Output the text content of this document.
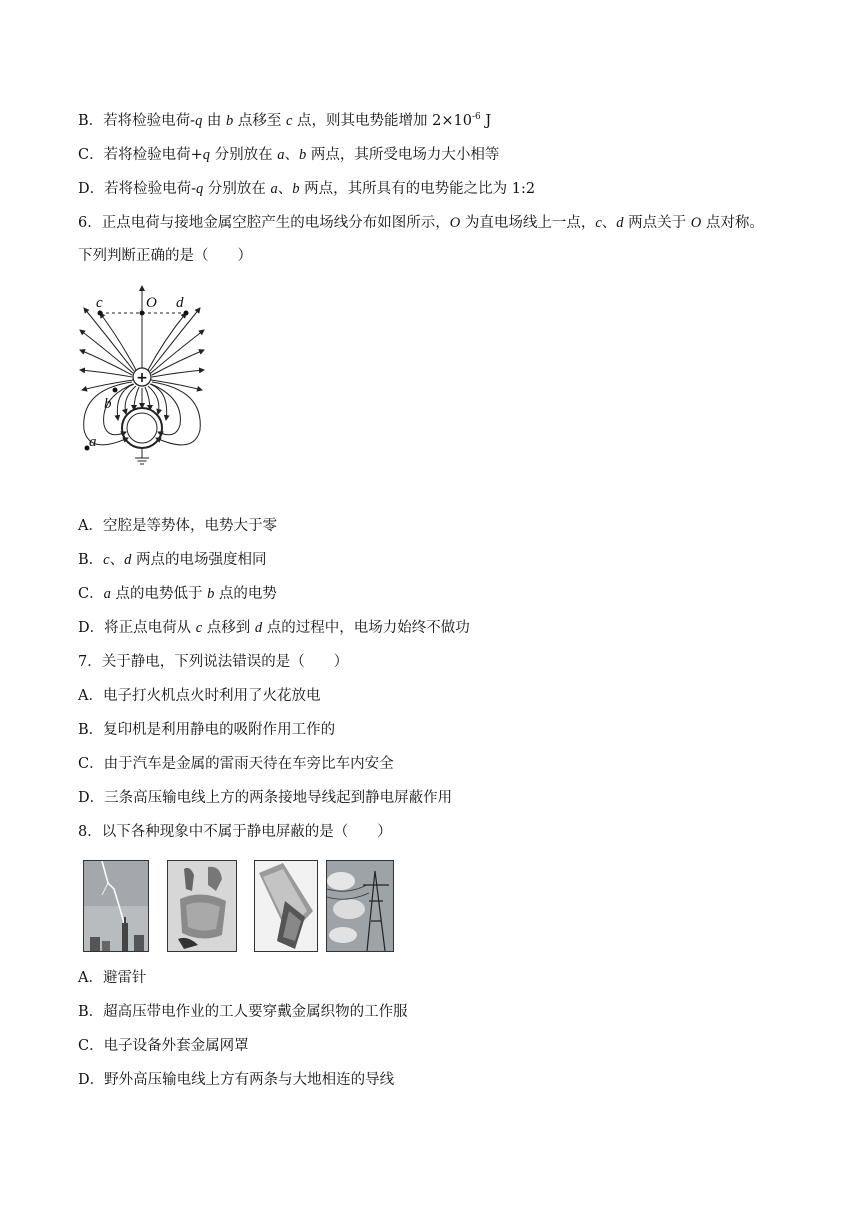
B．若将检验电荷-q 由 b 点移至 c 点，则其电势能增加 $2\times 10^{-6}$ J
C．若将检验电荷+q 分别放在 a、b 两点，其所受电场力大小相等
D．若将检验电荷-q 分别放在 a、b 两点，其所具有的电势能之比为 1:2
6．正点电荷与接地金属空腔产生的电场线分布如图所示，O 为直电场线上一点，c、d 两点关于 O 点对称。
下列判断正确的是（　　）
c	O d
b
a
+
A．空腔是等势体，电势大于零
B．c、d 两点的电场强度相同
C．a 点的电势低于 b 点的电势
D．将正点电荷从 c 点移到 d 点的过程中，电场力始终不做功
7．关于静电，下列说法错误的是（　　）
A．电子打火机点火时利用了火花放电
B．复印机是利用静电的吸附作用工作的
C．由于汽车是金属的雷雨天待在车旁比车内安全
D．三条高压输电线上方的两条接地导线起到静电屏蔽作用
8．以下各种现象中不属于静电屏蔽的是（　　）
A．避雷针
B．超高压带电作业的工人要穿戴金属织物的工作服
C．电子设备外套金属网罩
D．野外高压输电线上方有两条与大地相连的导线
